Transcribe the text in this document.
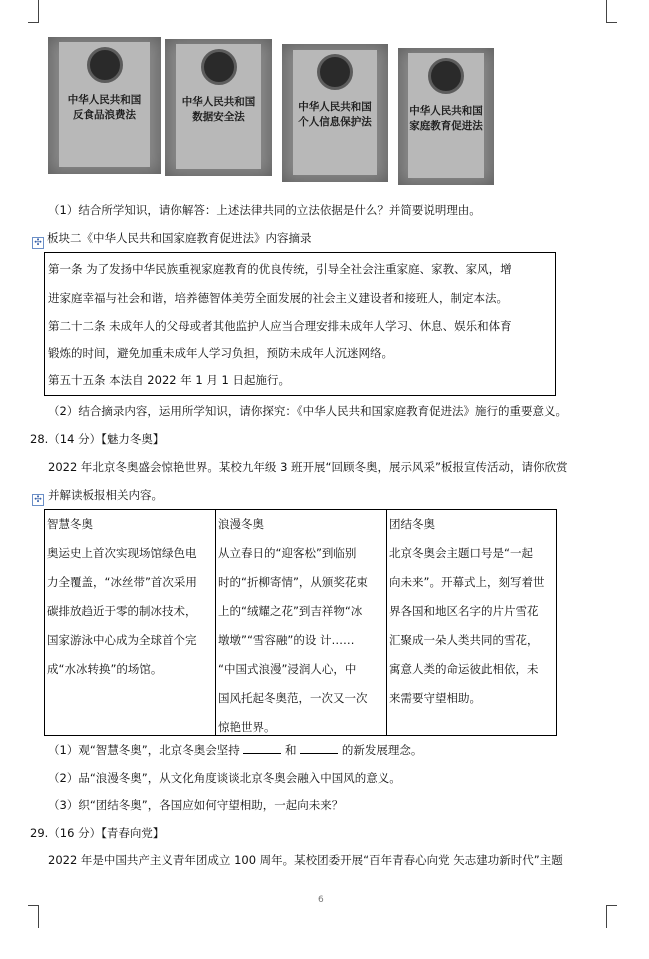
中华人民共和国
反食品浪费法
中华人民共和国
数据安全法
中华人民共和国
个人信息保护法
中华人民共和国
家庭教育促进法
（1）结合所学知识，请你解答：上述法律共同的立法依据是什么？并简要说明理由。
✣ 板块二《中华人民共和国家庭教育促进法》内容摘录
第一条 为了发扬中华民族重视家庭教育的优良传统，引导全社会注重家庭、家教、家风，增
进家庭幸福与社会和谐，培养德智体美劳全面发展的社会主义建设者和接班人，制定本法。
第二十二条 未成年人的父母或者其他监护人应当合理安排未成年人学习、休息、娱乐和体育
锻炼的时间，避免加重未成年人学习负担，预防未成年人沉迷网络。
第五十五条 本法自 2022 年 1 月 1 日起施行。
（2）结合摘录内容，运用所学知识，请你探究：《中华人民共和国家庭教育促进法》施行的重要意义。
28.（14 分）【魅力冬奥】
2022 年北京冬奥盛会惊艳世界。某校九年级 3 班开展“回顾冬奥，展示风采”板报宣传活动，请你欣赏
✣ 并解读板报相关内容。
智慧冬奥
奥运史上首次实现场馆绿色电
力全覆盖，“冰丝带”首次采用
碳排放趋近于零的制冰技术，
国家游泳中心成为全球首个完
成“水冰转换”的场馆。
浪漫冬奥
从立春日的“迎客松”到临别
时的“折柳寄情”，从颁奖花束
上的“绒耀之花”到吉祥物“冰
墩墩”“雪容融”的设 计……
“中国式浪漫”浸润人心，中
国风托起冬奥范，一次又一次
惊艳世界。
团结冬奥
北京冬奥会主题口号是“一起
向未来”。开幕式上，刻写着世
界各国和地区名字的片片雪花
汇聚成一朵人类共同的雪花，
寓意人类的命运彼此相依，未
来需要守望相助。
（1）观“智慧冬奥”，北京冬奥会坚持	和	的新发展理念。
（2）品“浪漫冬奥”，从文化角度谈谈北京冬奥会融入中国风的意义。
（3）织“团结冬奥”，各国应如何守望相助，一起向未来？
29.（16 分）【青春向党】
2022 年是中国共产主义青年团成立 100 周年。某校团委开展“百年青春心向党 矢志建功新时代”主题
6
